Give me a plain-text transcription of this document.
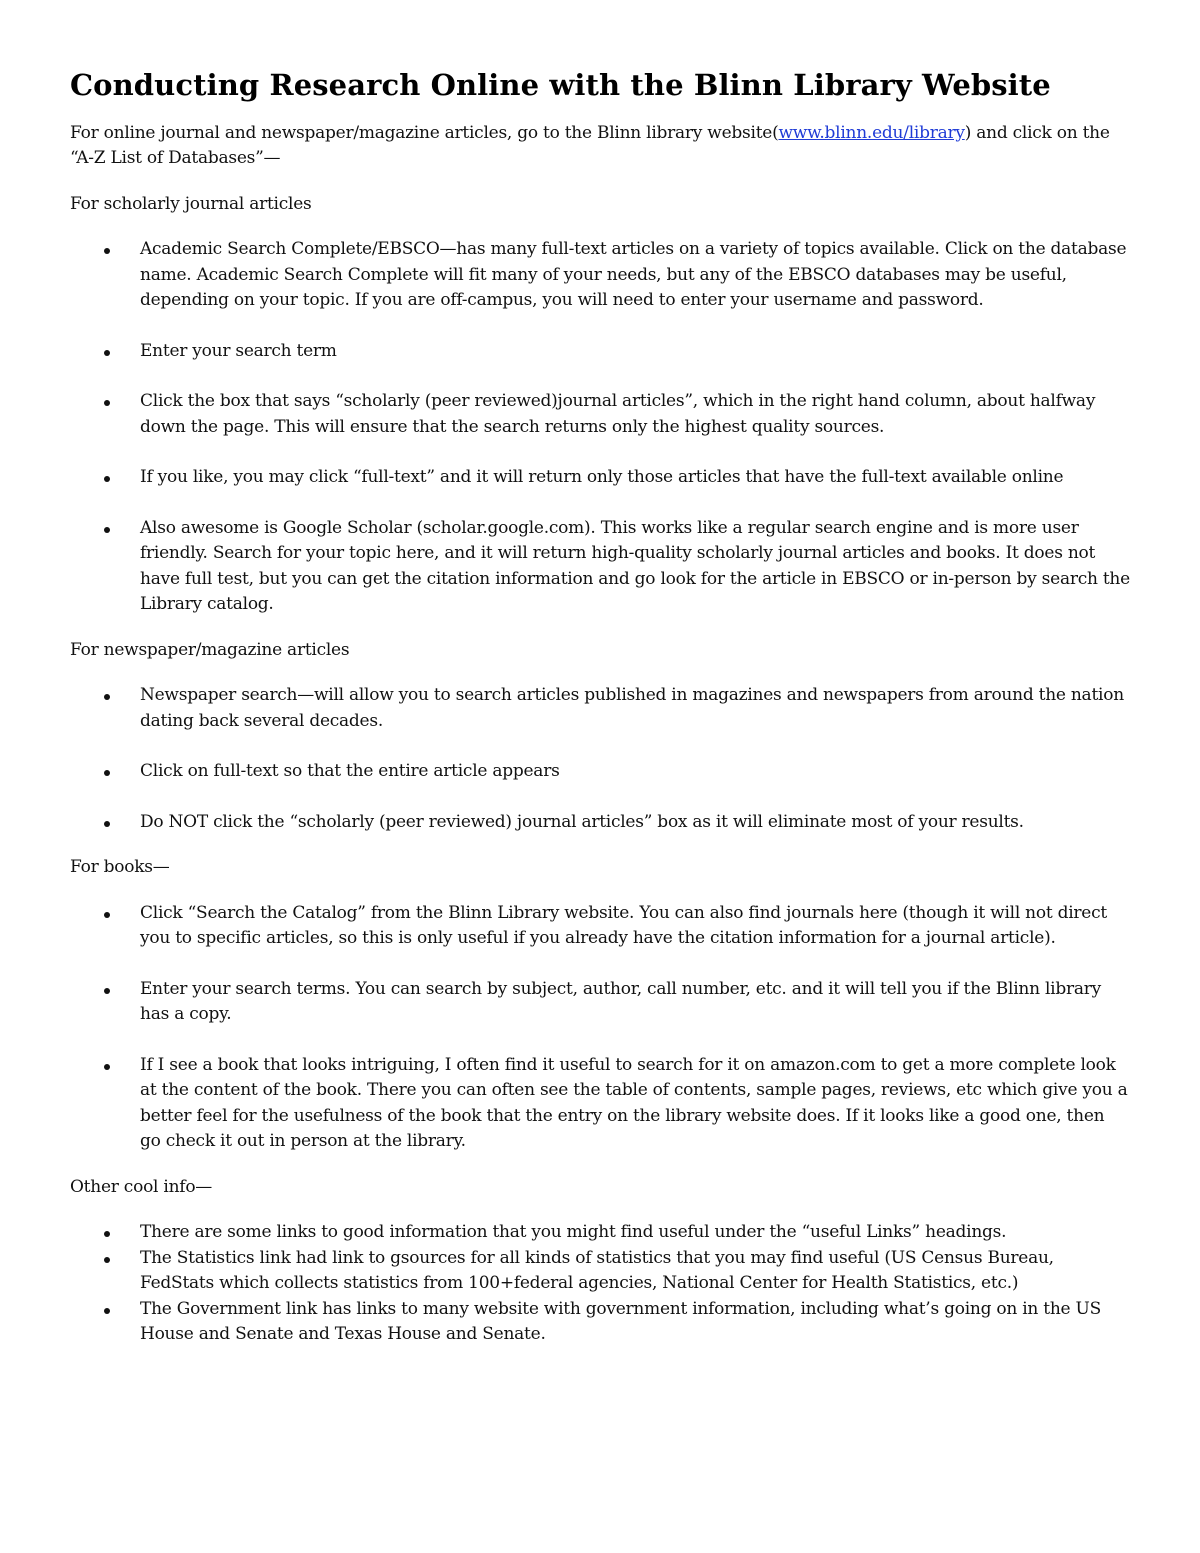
Conducting Research Online with the Blinn Library Website

For online journal and newspaper/magazine articles, go to the Blinn library website(www.blinn.edu/library) and click on the “A-Z List of Databases”—

For scholarly journal articles

Academic Search Complete/EBSCO—has many full-text articles on a variety of topics available. Click on the database name. Academic Search Complete will fit many of your needs, but any of the EBSCO databases may be useful, depending on your topic. If you are off-campus, you will need to enter your username and password.
Enter your search term
Click the box that says “scholarly (peer reviewed)journal articles”, which in the right hand column, about halfway down the page. This will ensure that the search returns only the highest quality sources.
If you like, you may click “full-text” and it will return only those articles that have the full-text available online
Also awesome is Google Scholar (scholar.google.com). This works like a regular search engine and is more user friendly. Search for your topic here, and it will return high-quality scholarly journal articles and books. It does not have full test, but you can get the citation information and go look for the article in EBSCO or in-person by search the Library catalog.

For newspaper/magazine articles

Newspaper search—will allow you to search articles published in magazines and newspapers from around the nation dating back several decades.
Click on full-text so that the entire article appears
Do NOT click the “scholarly (peer reviewed) journal articles” box as it will eliminate most of your results.

For books—

Click “Search the Catalog” from the Blinn Library website. You can also find journals here (though it will not direct you to specific articles, so this is only useful if you already have the citation information for a journal article).
Enter your search terms. You can search by subject, author, call number, etc. and it will tell you if the Blinn library has a copy.
If I see a book that looks intriguing, I often find it useful to search for it on amazon.com to get a more complete look at the content of the book. There you can often see the table of contents, sample pages, reviews, etc which give you a better feel for the usefulness of the book that the entry on the library website does. If it looks like a good one, then go check it out in person at the library.

Other cool info—

There are some links to good information that you might find useful under the “useful Links” headings.
The Statistics link had link to gsources for all kinds of statistics that you may find useful (US Census Bureau, FedStats which collects statistics from 100+federal agencies, National Center for Health Statistics, etc.)
The Government link has links to many website with government information, including what’s going on in the US House and Senate and Texas House and Senate.
